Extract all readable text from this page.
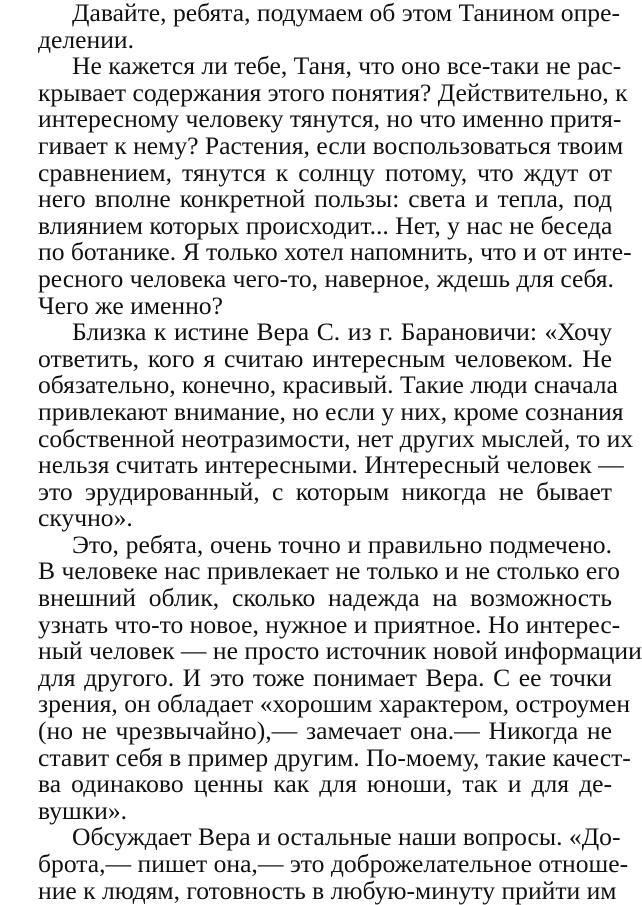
Давайте, ребята, подумаем об этом Танином опре-
делении.
Не кажется ли тебе, Таня, что оно все-таки не рас-
крывает содержания этого понятия? Действительно, к
интересному человеку тянутся, но что именно притя-
гивает к нему? Растения, если воспользоваться твоим
сравнением, тянутся к солнцу потому, что ждут от
него вполне конкретной пользы: света и тепла, под
влиянием которых происходит... Нет, у нас не беседа
по ботанике. Я только хотел напомнить, что и от инте-
ресного человека чего-то, наверное, ждешь для себя.
Чего же именно?
Близка к истине Вера С. из г. Барановичи: «Хочу
ответить, кого я считаю интересным человеком. Не
обязательно, конечно, красивый. Такие люди сначала
привлекают внимание, но если у них, кроме сознания
собственной неотразимости, нет других мыслей, то их
нельзя считать интересными. Интересный человек —
это эрудированный, с которым никогда не бывает
скучно».
Это, ребята, очень точно и правильно подмечено.
В человеке нас привлекает не только и не столько его
внешний облик, сколько надежда на возможность
узнать что-то новое, нужное и приятное. Но интерес-
ный человек — не просто источник новой информации
для другого. И это тоже понимает Вера. С ее точки
зрения, он обладает «хорошим характером, остроумен
(но не чрезвычайно),— замечает она.— Никогда не
ставит себя в пример другим. По-моему, такие качест-
ва одинаково ценны как для юноши, так и для де-
вушки».
Обсуждает Вера и остальные наши вопросы. «До-
брота,— пишет она,— это доброжелательное отноше-
ние к людям, готовность в любую-минуту прийти им
